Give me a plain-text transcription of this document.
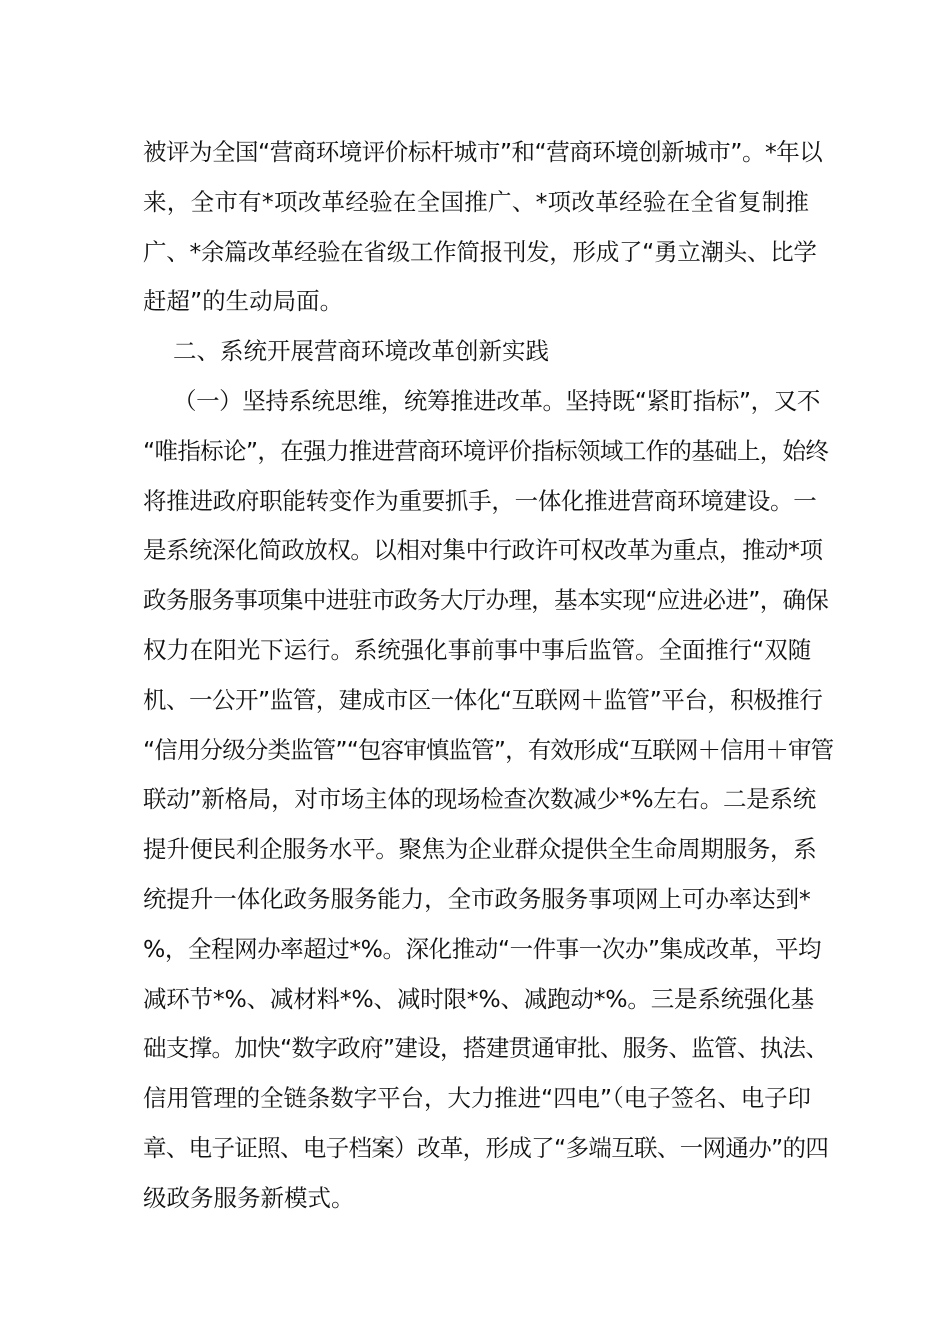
被评为全国“营商环境评价标杆城市”和“营商环境创新城市”。*年以
来，全市有*项改革经验在全国推广、*项改革经验在全省复制推
广、*余篇改革经验在省级工作简报刊发，形成了“勇立潮头、比学
赶超”的生动局面。
二、系统开展营商环境改革创新实践
（一）坚持系统思维，统筹推进改革。坚持既“紧盯指标”，又不
“唯指标论”，在强力推进营商环境评价指标领域工作的基础上，始终
将推进政府职能转变作为重要抓手，一体化推进营商环境建设。一
是系统深化简政放权。以相对集中行政许可权改革为重点，推动*项
政务服务事项集中进驻市政务大厅办理，基本实现“应进必进”，确保
权力在阳光下运行。系统强化事前事中事后监管。全面推行“双随
机、一公开”监管，建成市区一体化“互联网＋监管”平台，积极推行
“信用分级分类监管”“包容审慎监管”，有效形成“互联网＋信用＋审管
联动”新格局，对市场主体的现场检查次数减少*%左右。二是系统
提升便民利企服务水平。聚焦为企业群众提供全生命周期服务，系
统提升一体化政务服务能力，全市政务服务事项网上可办率达到*
%，全程网办率超过*%。深化推动“一件事一次办”集成改革，平均
减环节*%、减材料*%、减时限*%、减跑动*%。三是系统强化基
础支撑。加快“数字政府”建设，搭建贯通审批、服务、监管、执法、
信用管理的全链条数字平台，大力推进“四电”（电子签名、电子印
章、电子证照、电子档案）改革，形成了“多端互联、一网通办”的四
级政务服务新模式。
